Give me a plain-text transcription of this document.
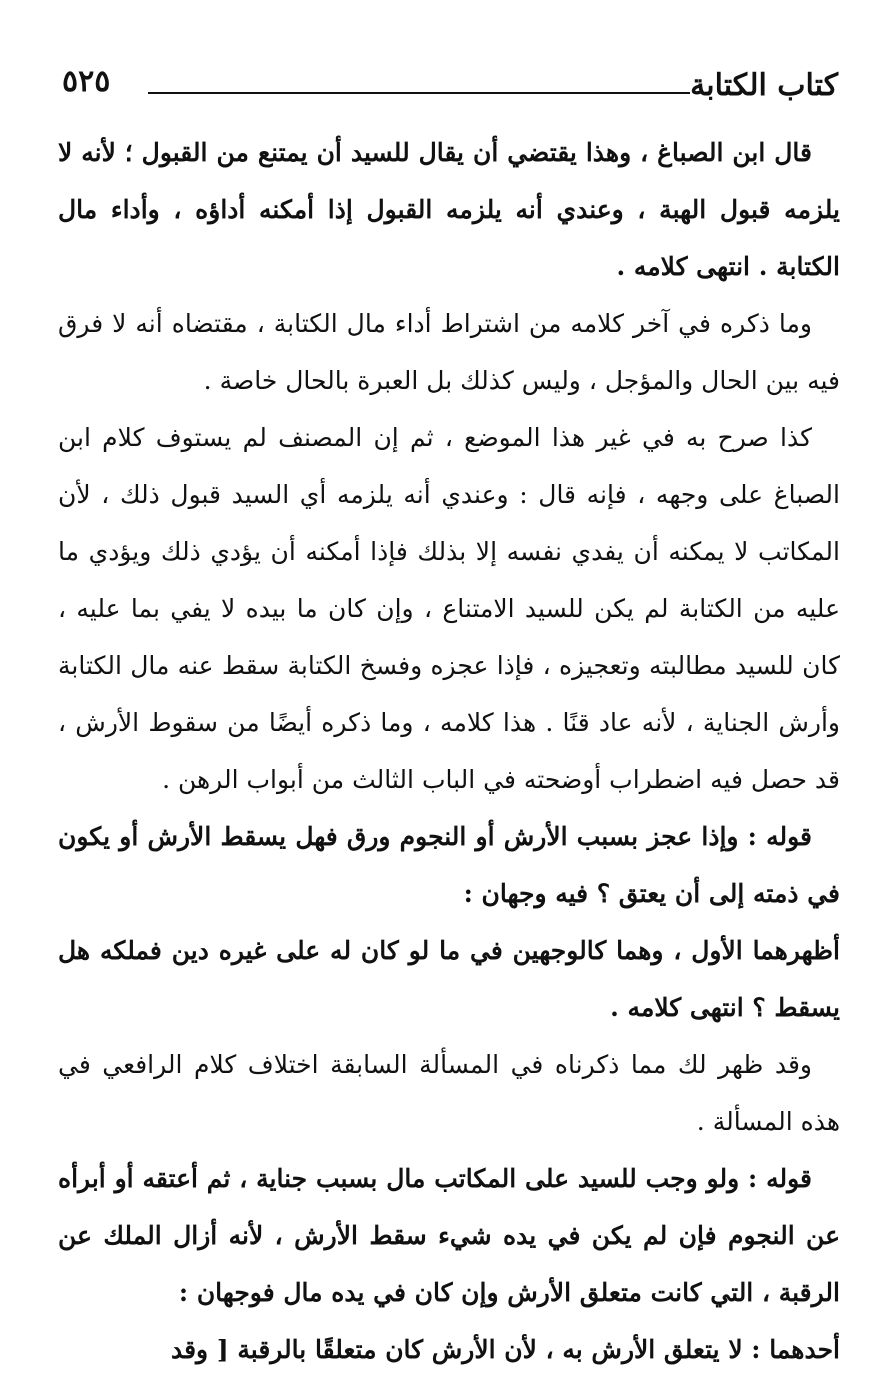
كتاب الكتابة
٥٢٥

قال ابن الصباغ ، وهذا يقتضي أن يقال للسيد أن يمتنع من القبول ؛ لأنه لا يلزمه قبول الهبة ، وعندي أنه يلزمه القبول إذا أمكنه أداؤه ، وأداء مال الكتابة . انتهى كلامه .

وما ذكره في آخر كلامه من اشتراط أداء مال الكتابة ، مقتضاه أنه لا فرق فيه بين الحال والمؤجل ، وليس كذلك بل العبرة بالحال خاصة .

كذا صرح به في غير هذا الموضع ، ثم إن المصنف لم يستوف كلام ابن الصباغ على وجهه ، فإنه قال : وعندي أنه يلزمه أي السيد قبول ذلك ، لأن المكاتب لا يمكنه أن يفدي نفسه إلا بذلك فإذا أمكنه أن يؤدي ذلك ويؤدي ما عليه من الكتابة لم يكن للسيد الامتناع ، وإن كان ما بيده لا يفي بما عليه ، كان للسيد مطالبته وتعجيزه ، فإذا عجزه وفسخ الكتابة سقط عنه مال الكتابة وأرش الجناية ، لأنه عاد قنًا . هذا كلامه ، وما ذكره أيضًا من سقوط الأرش ، قد حصل فيه اضطراب أوضحته في الباب الثالث من أبواب الرهن .

قوله : وإذا عجز بسبب الأرش أو النجوم ورق فهل يسقط الأرش أو يكون في ذمته إلى أن يعتق ؟ فيه وجهان :

أظهرهما الأول ، وهما كالوجهين في ما لو كان له على غيره دين فملكه هل يسقط ؟ انتهى كلامه .

وقد ظهر لك مما ذكرناه في المسألة السابقة اختلاف كلام الرافعي في هذه المسألة .

قوله : ولو وجب للسيد على المكاتب مال بسبب جناية ، ثم أعتقه أو أبرأه عن النجوم فإن لم يكن في يده شيء سقط الأرش ، لأنه أزال الملك عن الرقبة ، التي كانت متعلق الأرش وإن كان في يده مال فوجهان :

أحدهما : لا يتعلق الأرش به ، لأن الأرش كان متعلقًا بالرقبة [ وقد
